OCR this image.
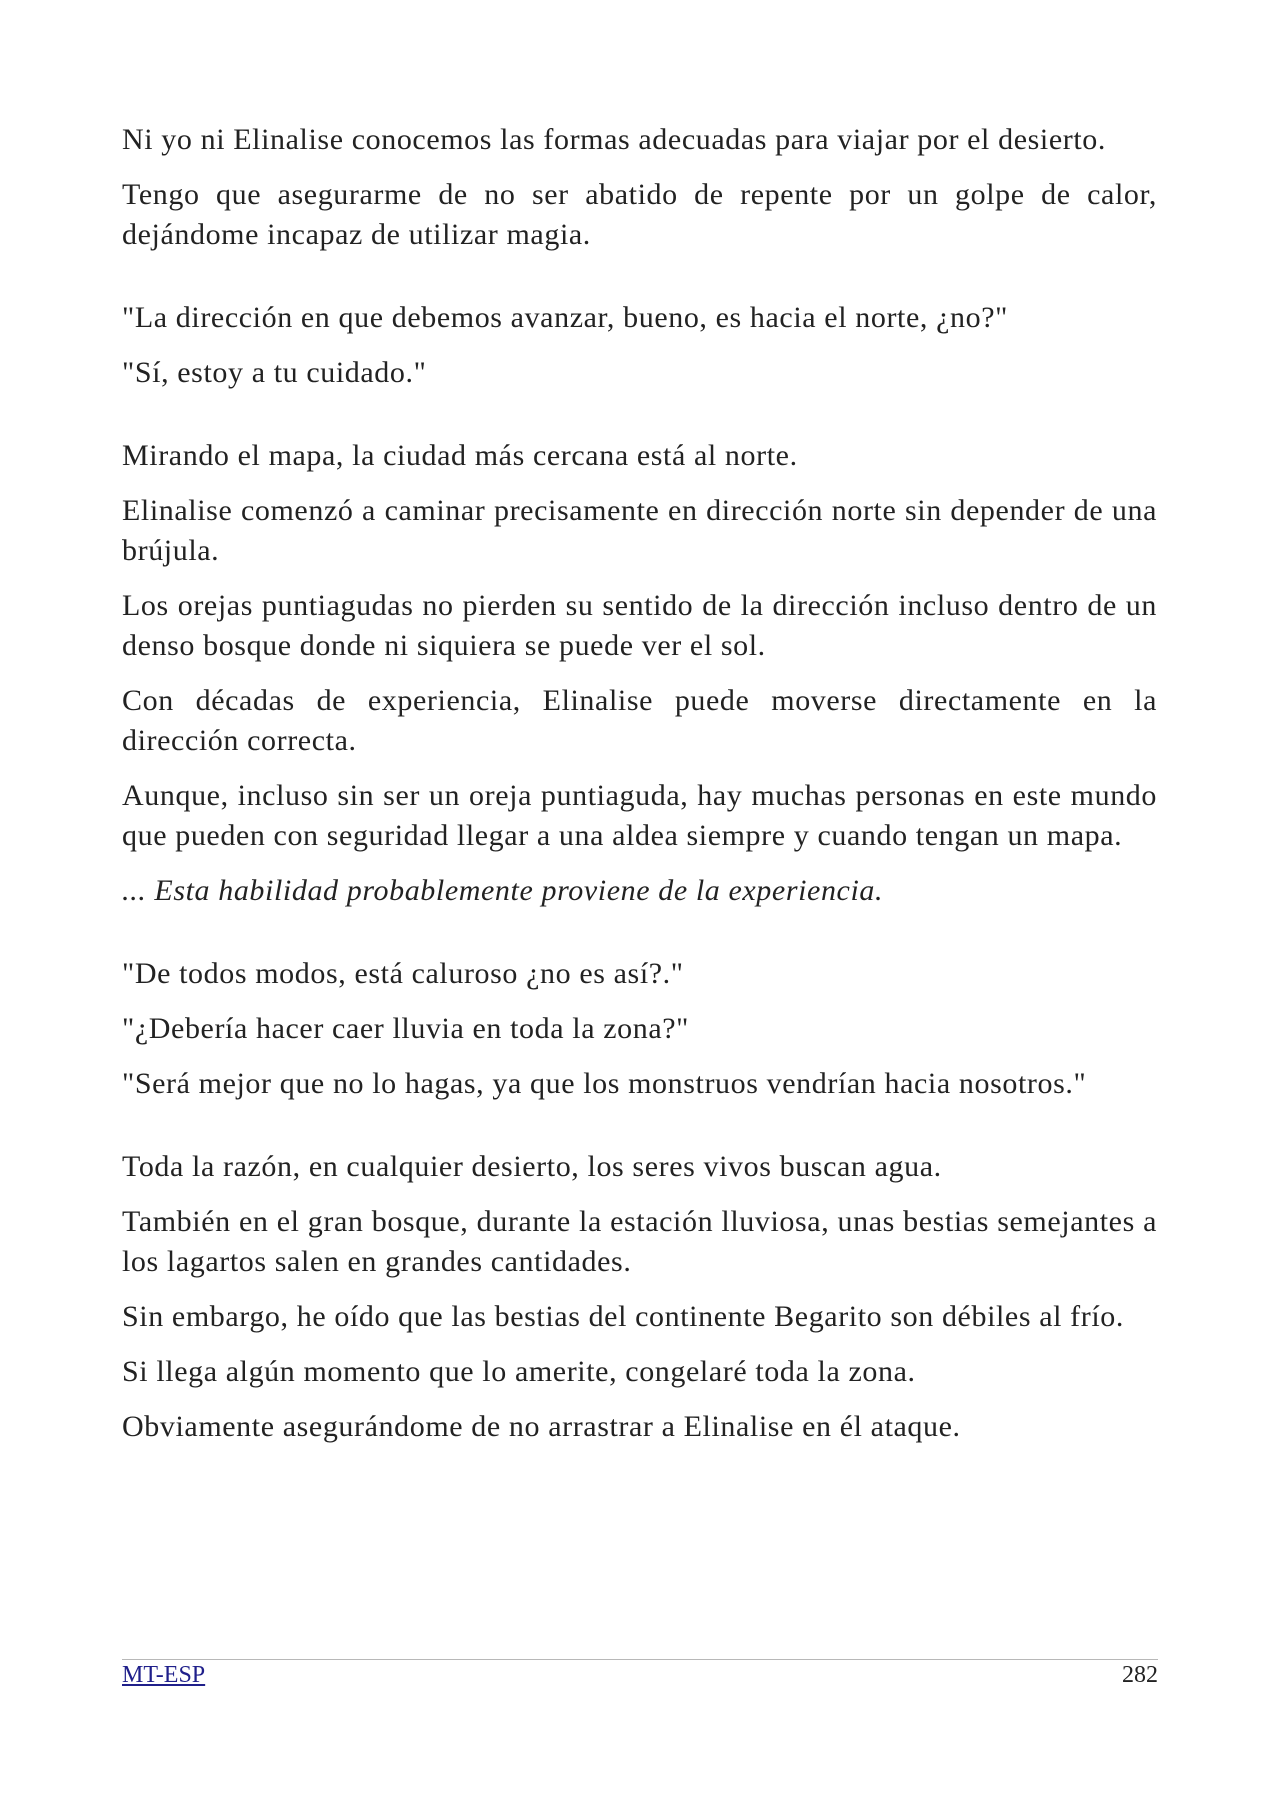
Ni yo ni Elinalise conocemos las formas adecuadas para viajar por el desierto.

Tengo que asegurarme de no ser abatido de repente por un golpe de calor, dejándome incapaz de utilizar magia.

"La dirección en que debemos avanzar, bueno, es hacia el norte, ¿no?"

"Sí, estoy a tu cuidado."

Mirando el mapa, la ciudad más cercana está al norte.

Elinalise comenzó a caminar precisamente en dirección norte sin depender de una brújula.

Los orejas puntiagudas no pierden su sentido de la dirección incluso dentro de un denso bosque donde ni siquiera se puede ver el sol.

Con décadas de experiencia, Elinalise puede moverse directamente en la dirección correcta.

Aunque, incluso sin ser un oreja puntiaguda, hay muchas personas en este mundo que pueden con seguridad llegar a una aldea siempre y cuando tengan un mapa.

... Esta habilidad probablemente proviene de la experiencia.

"De todos modos, está caluroso ¿no es así?."

"¿Debería hacer caer lluvia en toda la zona?"

"Será mejor que no lo hagas, ya que los monstruos vendrían hacia nosotros."

Toda la razón, en cualquier desierto, los seres vivos buscan agua.

También en el gran bosque, durante la estación lluviosa, unas bestias semejantes a los lagartos salen en grandes cantidades.

Sin embargo, he oído que las bestias del continente Begarito son débiles al frío.

Si llega algún momento que lo amerite, congelaré toda la zona.

Obviamente asegurándome de no arrastrar a Elinalise en él ataque.

MT-ESP	282
